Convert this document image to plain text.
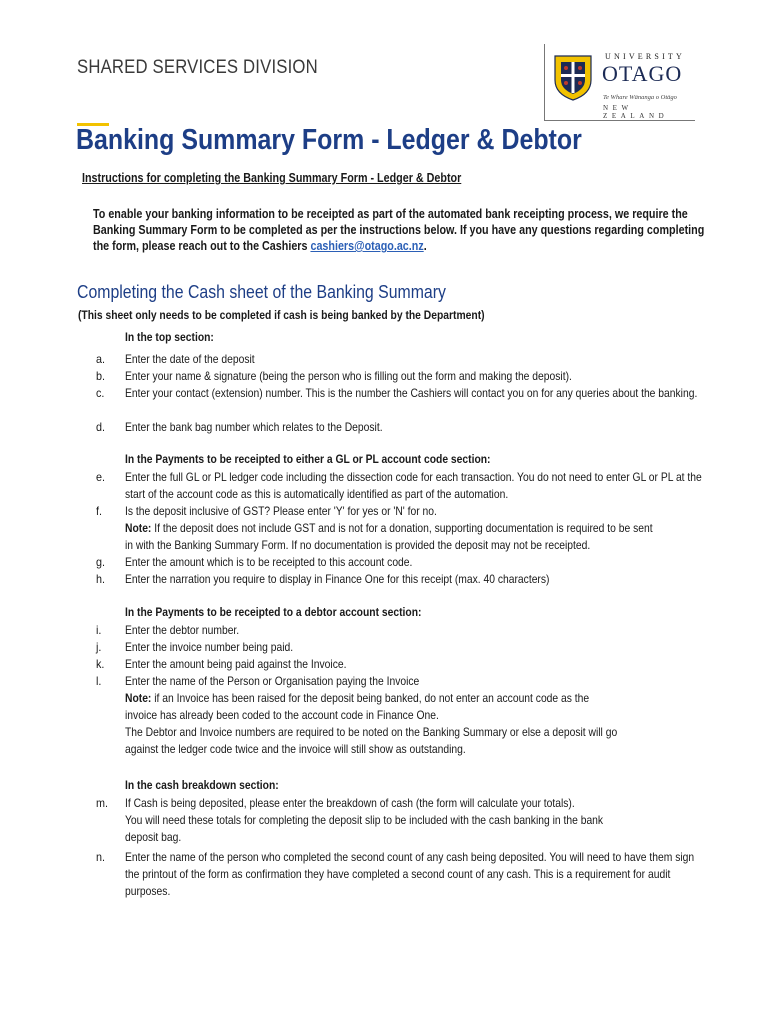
SHARED SERVICES DIVISION
UNIVERSITY
OTAGO
Te Whare Wānanga o Otāgo
NEW ZEALAND
Banking Summary Form - Ledger & Debtor
Instructions for completing the Banking Summary Form - Ledger & Debtor
To enable your banking information to be receipted as part of the automated bank receipting process, we require the Banking Summary Form to be completed as per the instructions below. If you have any questions regarding completing the form, please reach out to the Cashiers cashiers@otago.ac.nz.
Completing the Cash sheet of the Banking Summary
(This sheet only needs to be completed if cash is being banked by the Department)
In the top section:
a. Enter the date of the deposit
b. Enter your name & signature (being the person who is filling out the form and making the deposit).
c. Enter your contact (extension) number. This is the number the Cashiers will contact you on for any queries about the banking.
d. Enter the bank bag number which relates to the Deposit.
In the Payments to be receipted to either a GL or PL account code section:
e. Enter the full GL or PL ledger code including the dissection code for each transaction. You do not need to enter GL or PL at the start of the account code as this is automatically identified as part of the automation.
f. Is the deposit inclusive of GST? Please enter 'Y' for yes or 'N' for no.
Note: If the deposit does not include GST and is not for a donation, supporting documentation is required to be sent in with the Banking Summary Form. If no documentation is provided the deposit may not be receipted.
g. Enter the amount which is to be receipted to this account code.
h. Enter the narration you require to display in Finance One for this receipt (max. 40 characters)
In the Payments to be receipted to a debtor account section:
i. Enter the debtor number.
j. Enter the invoice number being paid.
k. Enter the amount being paid against the Invoice.
l. Enter the name of the Person or Organisation paying the Invoice
Note: if an Invoice has been raised for the deposit being banked, do not enter an account code as the invoice has already been coded to the account code in Finance One.
The Debtor and Invoice numbers are required to be noted on the Banking Summary or else a deposit will go against the ledger code twice and the invoice will still show as outstanding.
In the cash breakdown section:
m. If Cash is being deposited, please enter the breakdown of cash (the form will calculate your totals).
You will need these totals for completing the deposit slip to be included with the cash banking in the bank deposit bag.
n. Enter the name of the person who completed the second count of any cash being deposited. You will need to have them sign the printout of the form as confirmation they have completed a second count of any cash. This is a requirement for audit purposes.
